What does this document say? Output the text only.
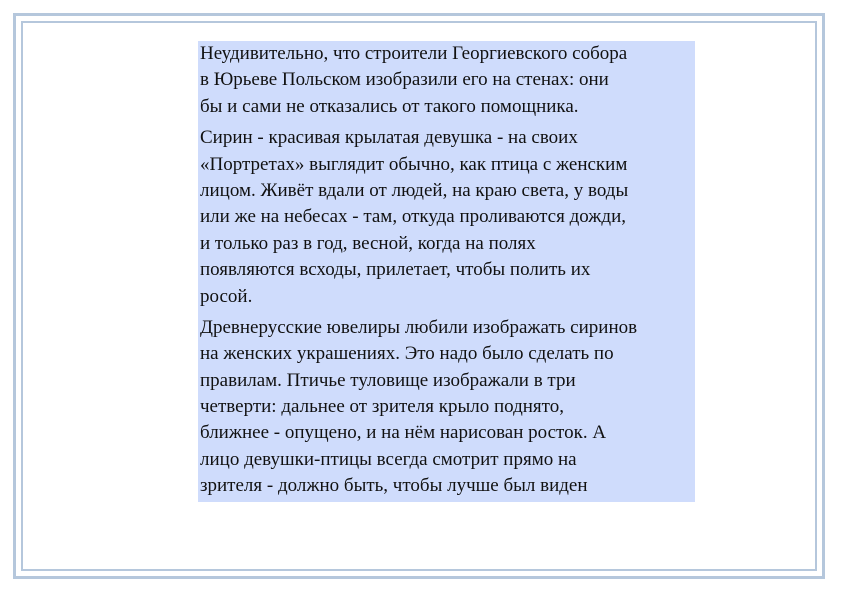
Неудивительно, что строители Георгиевского собора
в Юрьеве Польском изобразили его на стенах: они
бы и сами не отказались от такого помощника.

Сирин - красивая крылатая девушка - на своих
«Портретах» выглядит обычно, как птица с женским
лицом. Живёт вдали от людей, на краю света, у воды
или же на небесах - там, откуда проливаются дожди,
и только раз в год, весной, когда на полях
появляются всходы, прилетает, чтобы полить их
росой.

Древнерусские ювелиры любили изображать сиринов
на женских украшениях. Это надо было сделать по
правилам. Птичье туловище изображали в три
четверти: дальнее от зрителя крыло поднято,
ближнее - опущено, и на нём нарисован росток. А
лицо девушки-птицы всегда смотрит прямо на
зрителя - должно быть, чтобы лучше был виден
